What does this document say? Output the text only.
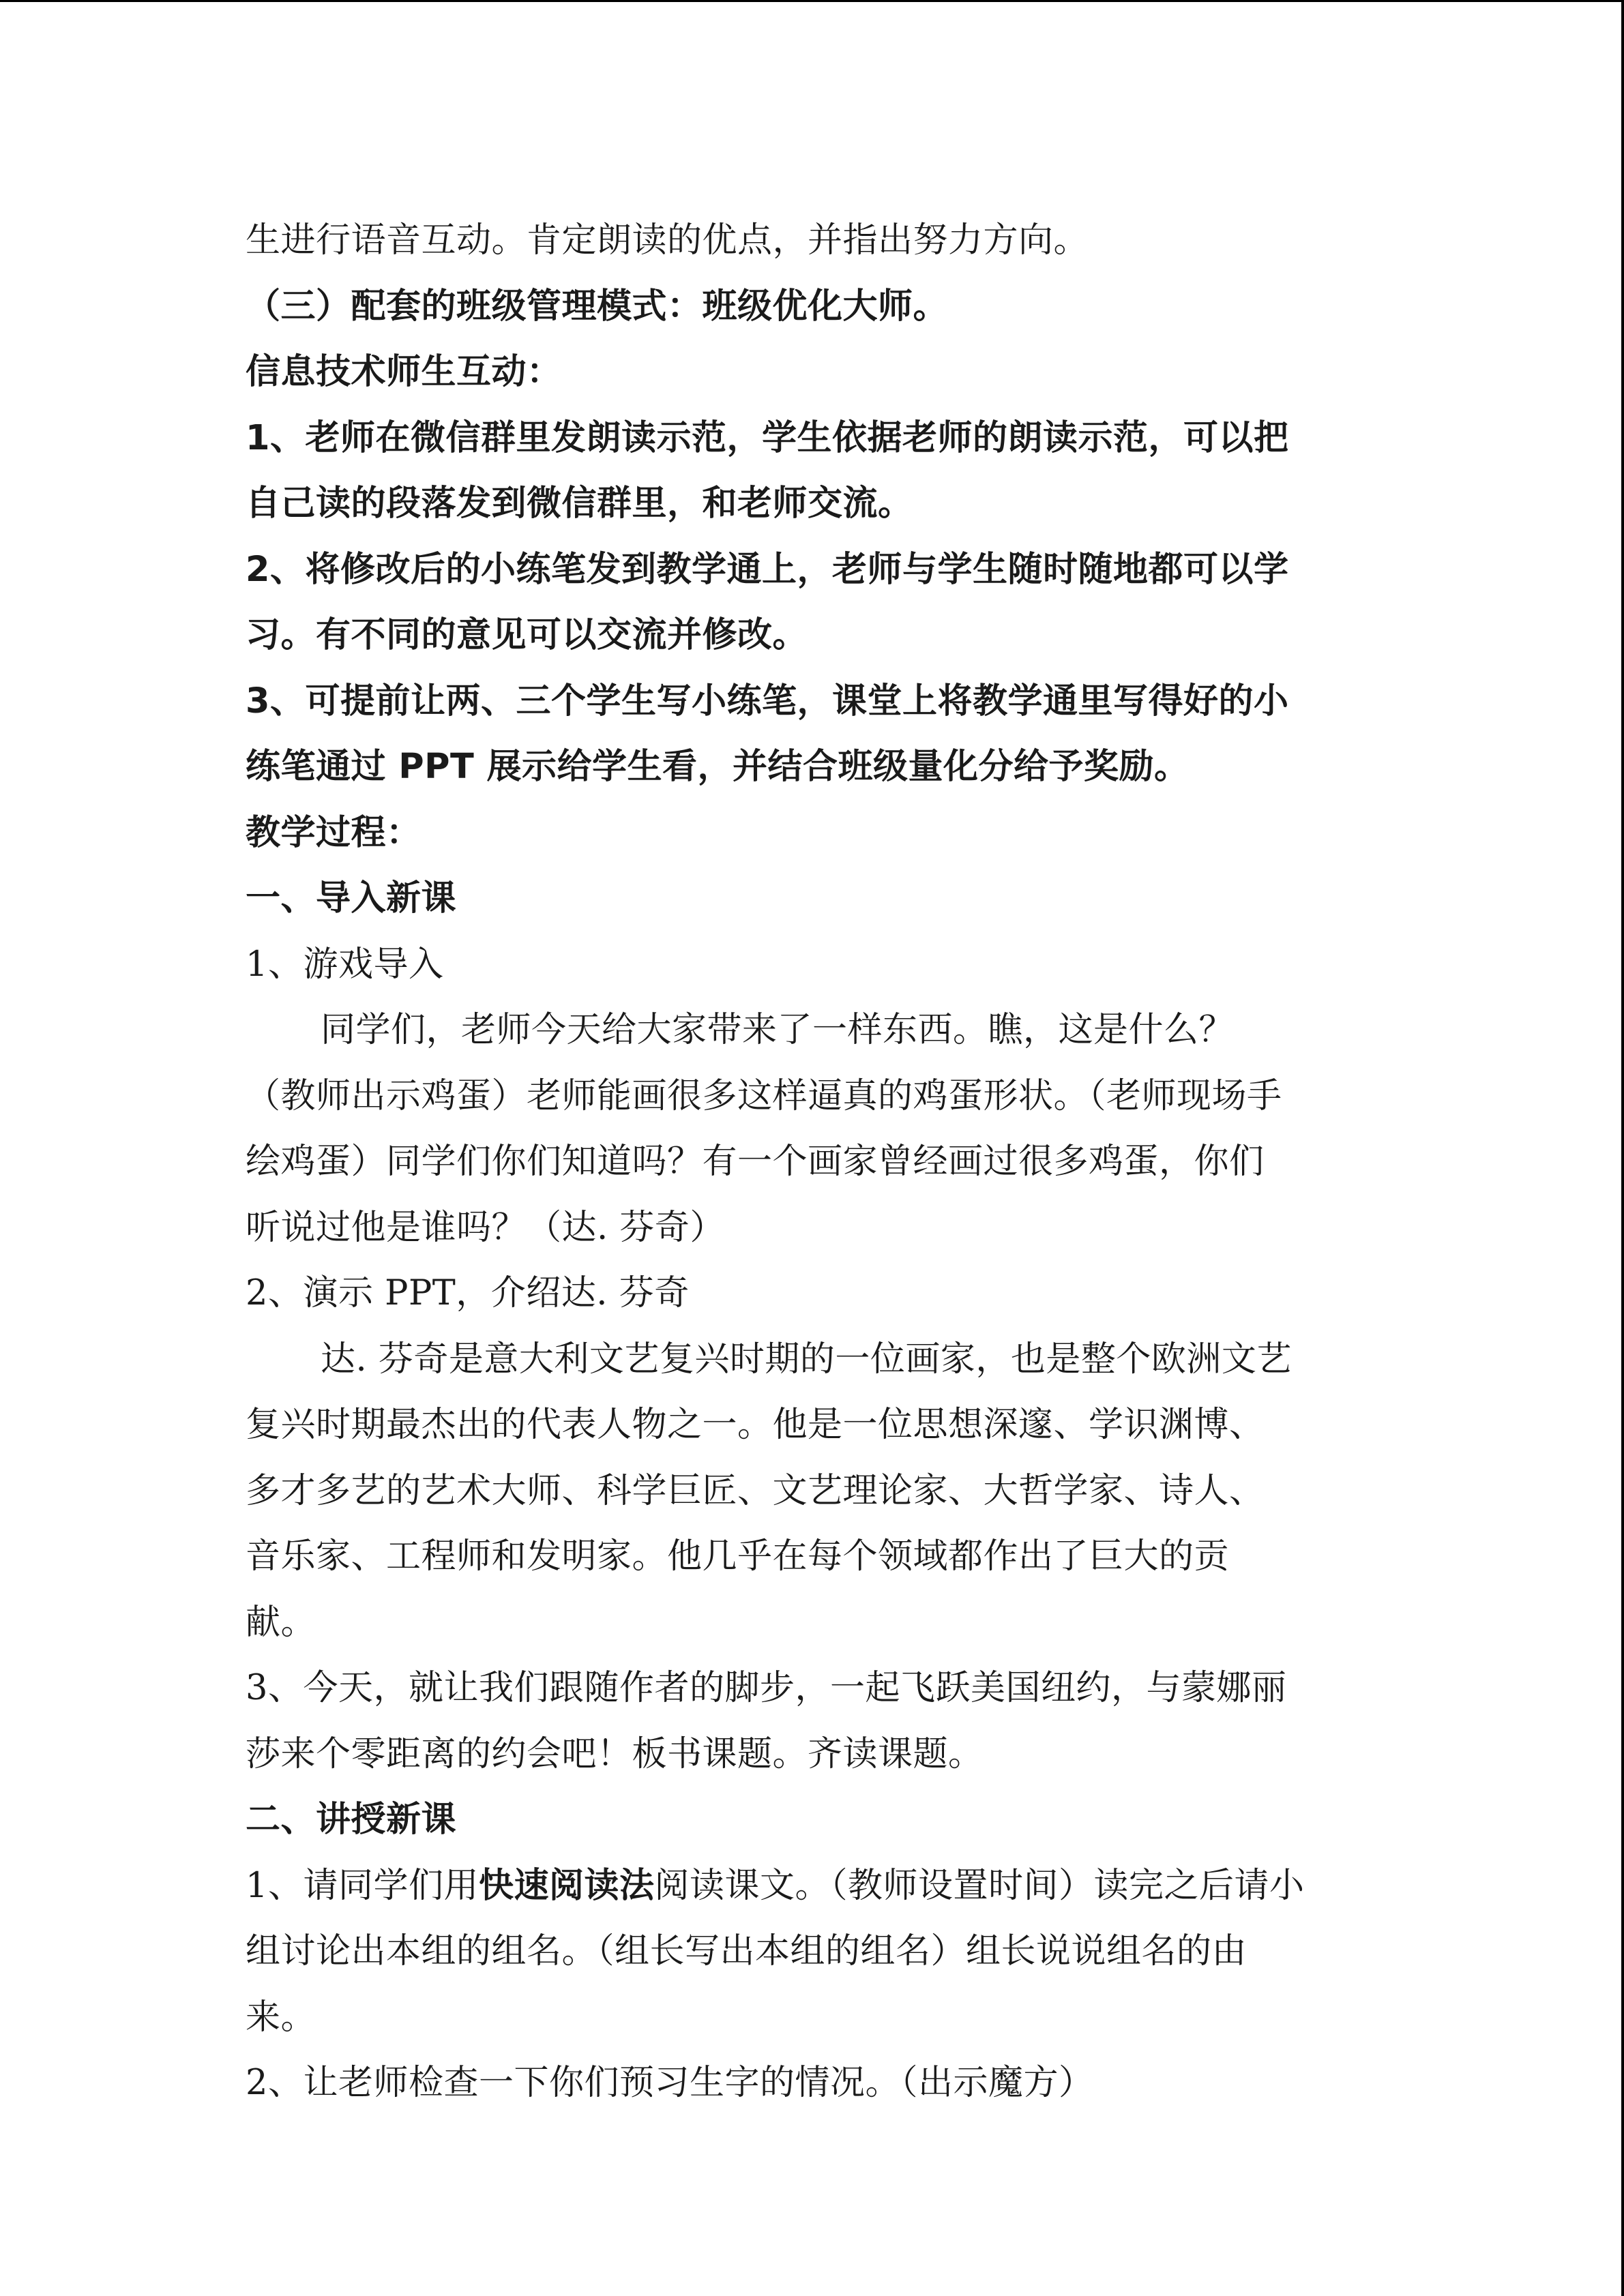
生进行语音互动。肯定朗读的优点，并指出努力方向。
（三）配套的班级管理模式：班级优化大师。
信息技术师生互动：
1、老师在微信群里发朗读示范，学生依据老师的朗读示范，可以把
自己读的段落发到微信群里，和老师交流。
2、将修改后的小练笔发到教学通上，老师与学生随时随地都可以学
习。有不同的意见可以交流并修改。
3、可提前让两、三个学生写小练笔，课堂上将教学通里写得好的小
练笔通过 PPT 展示给学生看，并结合班级量化分给予奖励。
教学过程：
一、导入新课
1、游戏导入
同学们，老师今天给大家带来了一样东西。瞧，这是什么？
（教师出示鸡蛋）老师能画很多这样逼真的鸡蛋形状。（老师现场手
绘鸡蛋）同学们你们知道吗？有一个画家曾经画过很多鸡蛋，你们
听说过他是谁吗？（达. 芬奇）
2、演示 PPT，介绍达. 芬奇
达. 芬奇是意大利文艺复兴时期的一位画家，也是整个欧洲文艺
复兴时期最杰出的代表人物之一。他是一位思想深邃、学识渊博、
多才多艺的艺术大师、科学巨匠、文艺理论家、大哲学家、诗人、
音乐家、工程师和发明家。他几乎在每个领域都作出了巨大的贡
献。
3、今天，就让我们跟随作者的脚步，一起飞跃美国纽约，与蒙娜丽
莎来个零距离的约会吧！板书课题。齐读课题。
二、讲授新课
1、请同学们用快速阅读法阅读课文。（教师设置时间）读完之后请小
组讨论出本组的组名。（组长写出本组的组名）组长说说组名的由
来。
2、让老师检查一下你们预习生字的情况。（出示魔方）
